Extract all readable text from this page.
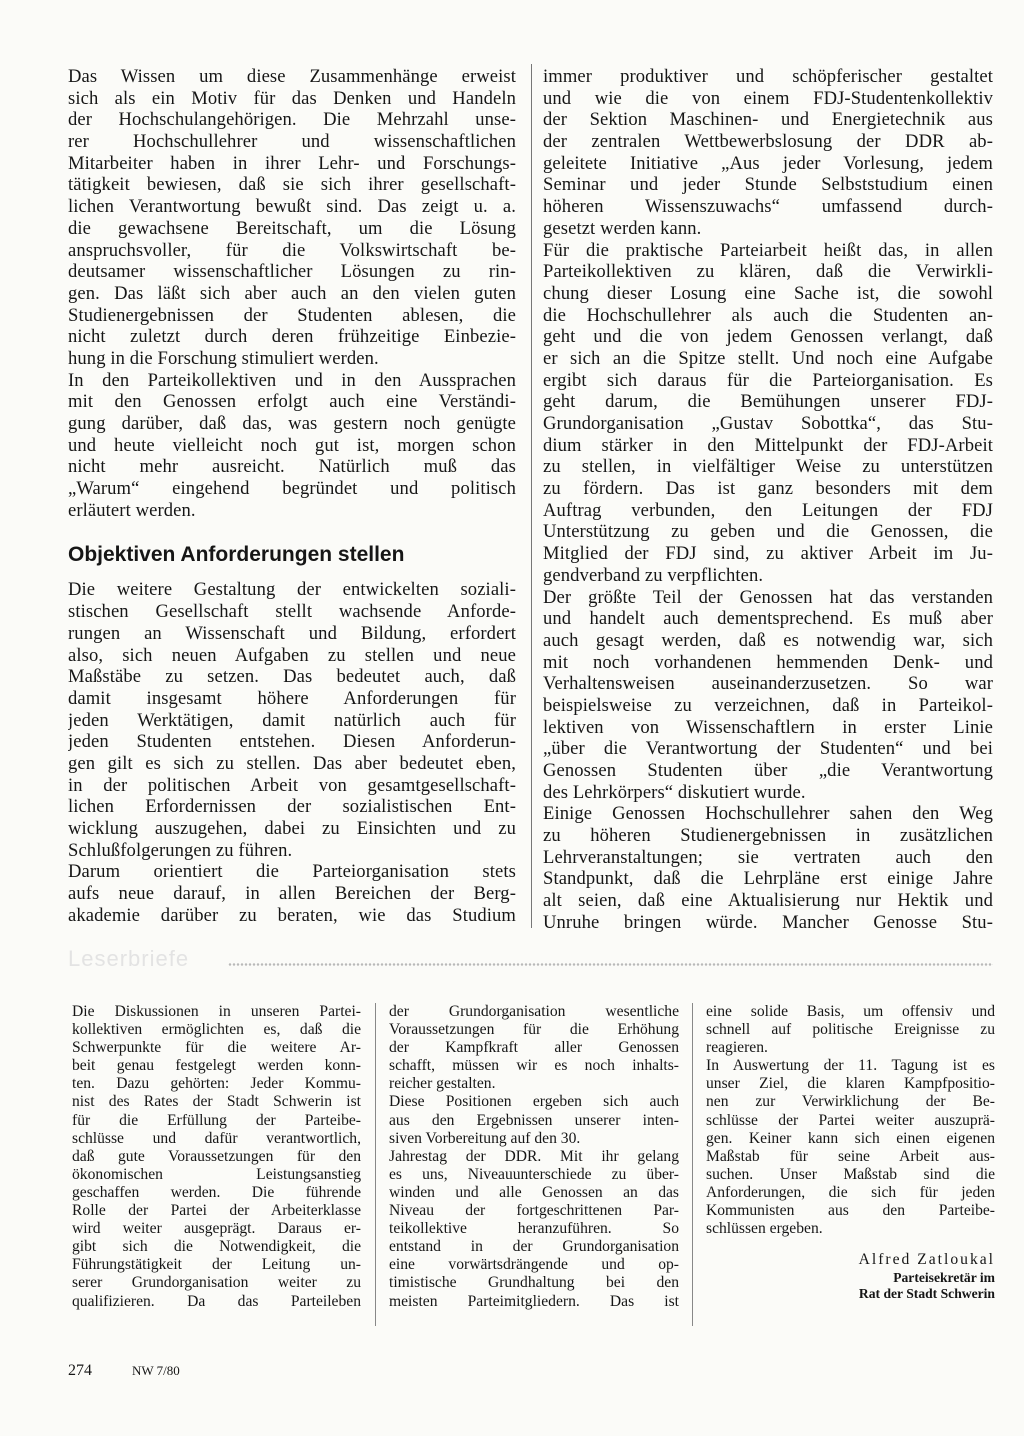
Das Wissen um diese Zusammenhänge erweist
sich als ein Motiv für das Denken und Handeln
der Hochschulangehörigen. Die Mehrzahl unse-
rer Hochschullehrer und wissenschaftlichen
Mitarbeiter haben in ihrer Lehr- und Forschungs-
tätigkeit bewiesen, daß sie sich ihrer gesellschaft-
lichen Verantwortung bewußt sind. Das zeigt u. a.
die gewachsene Bereitschaft, um die Lösung
anspruchsvoller, für die Volkswirtschaft be-
deutsamer wissenschaftlicher Lösungen zu rin-
gen. Das läßt sich aber auch an den vielen guten
Studienergebnissen der Studenten ablesen, die
nicht zuletzt durch deren frühzeitige Einbezie-
hung in die Forschung stimuliert werden.
In den Parteikollektiven und in den Aussprachen
mit den Genossen erfolgt auch eine Verständi-
gung darüber, daß das, was gestern noch genügte
und heute vielleicht noch gut ist, morgen schon
nicht mehr ausreicht. Natürlich muß das
„Warum“ eingehend begründet und politisch
erläutert werden.
Objektiven Anforderungen stellen
Die weitere Gestaltung der entwickelten soziali-
stischen Gesellschaft stellt wachsende Anforde-
rungen an Wissenschaft und Bildung, erfordert
also, sich neuen Aufgaben zu stellen und neue
Maßstäbe zu setzen. Das bedeutet auch, daß
damit insgesamt höhere Anforderungen für
jeden Werktätigen, damit natürlich auch für
jeden Studenten entstehen. Diesen Anforderun-
gen gilt es sich zu stellen. Das aber bedeutet eben,
in der politischen Arbeit von gesamtgesellschaft-
lichen Erfordernissen der sozialistischen Ent-
wicklung auszugehen, dabei zu Einsichten und zu
Schlußfolgerungen zu führen.
Darum orientiert die Parteiorganisation stets
aufs neue darauf, in allen Bereichen der Berg-
akademie darüber zu beraten, wie das Studium
immer produktiver und schöpferischer gestaltet
und wie die von einem FDJ-Studentenkollektiv
der Sektion Maschinen- und Energietechnik aus
der zentralen Wettbewerbslosung der DDR ab-
geleitete Initiative „Aus jeder Vorlesung, jedem
Seminar und jeder Stunde Selbststudium einen
höheren Wissenszuwachs“ umfassend durch-
gesetzt werden kann.
Für die praktische Parteiarbeit heißt das, in allen
Parteikollektiven zu klären, daß die Verwirkli-
chung dieser Losung eine Sache ist, die sowohl
die Hochschullehrer als auch die Studenten an-
geht und die von jedem Genossen verlangt, daß
er sich an die Spitze stellt. Und noch eine Aufgabe
ergibt sich daraus für die Parteiorganisation. Es
geht darum, die Bemühungen unserer FDJ-
Grundorganisation „Gustav Sobottka“, das Stu-
dium stärker in den Mittelpunkt der FDJ-Arbeit
zu stellen, in vielfältiger Weise zu unterstützen
zu fördern. Das ist ganz besonders mit dem
Auftrag verbunden, den Leitungen der FDJ
Unterstützung zu geben und die Genossen, die
Mitglied der FDJ sind, zu aktiver Arbeit im Ju-
gendverband zu verpflichten.
Der größte Teil der Genossen hat das verstanden
und handelt auch dementsprechend. Es muß aber
auch gesagt werden, daß es notwendig war, sich
mit noch vorhandenen hemmenden Denk- und
Verhaltensweisen auseinanderzusetzen. So war
beispielsweise zu verzeichnen, daß in Parteikol-
lektiven von Wissenschaftlern in erster Linie
„über die Verantwortung der Studenten“ und bei
Genossen Studenten über „die Verantwortung
des Lehrkörpers“ diskutiert wurde.
Einige Genossen Hochschullehrer sahen den Weg
zu höheren Studienergebnissen in zusätzlichen
Lehrveranstaltungen; sie vertraten auch den
Standpunkt, daß die Lehrpläne erst einige Jahre
alt seien, daß eine Aktualisierung nur Hektik und
Unruhe bringen würde. Mancher Genosse Stu-
Leserbriefe
Die Diskussionen in unseren Partei-
kollektiven ermöglichten es, daß die
Schwerpunkte für die weitere Ar-
beit genau festgelegt werden konn-
ten. Dazu gehörten: Jeder Kommu-
nist des Rates der Stadt Schwerin ist
für die Erfüllung der Parteibe-
schlüsse und dafür verantwortlich,
daß gute Voraussetzungen für den
ökonomischen Leistungsanstieg
geschaffen werden. Die führende
Rolle der Partei der Arbeiterklasse
wird weiter ausgeprägt. Daraus er-
gibt sich die Notwendigkeit, die
Führungstätigkeit der Leitung un-
serer Grundorganisation weiter zu
qualifizieren. Da das Parteileben
der Grundorganisation wesentliche
Voraussetzungen für die Erhöhung
der Kampfkraft aller Genossen
schafft, müssen wir es noch inhalts-
reicher gestalten.
Diese Positionen ergeben sich auch
aus den Ergebnissen unserer inten-
siven Vorbereitung auf den 30.
Jahrestag der DDR. Mit ihr gelang
es uns, Niveauunterschiede zu über-
winden und alle Genossen an das
Niveau der fortgeschrittenen Par-
teikollektive heranzuführen. So
entstand in der Grundorganisation
eine vorwärtsdrängende und op-
timistische Grundhaltung bei den
meisten Parteimitgliedern. Das ist
eine solide Basis, um offensiv und
schnell auf politische Ereignisse zu
reagieren.
In Auswertung der 11. Tagung ist es
unser Ziel, die klaren Kampfpositio-
nen zur Verwirklichung der Be-
schlüsse der Partei weiter auszuprä-
gen. Keiner kann sich einen eigenen
Maßstab für seine Arbeit aus-
suchen. Unser Maßstab sind die
Anforderungen, die sich für jeden
Kommunisten aus den Parteibe-
schlüssen ergeben.
Alfred Zatloukal
Parteisekretär im
Rat der Stadt Schwerin
274	NW 7/80
